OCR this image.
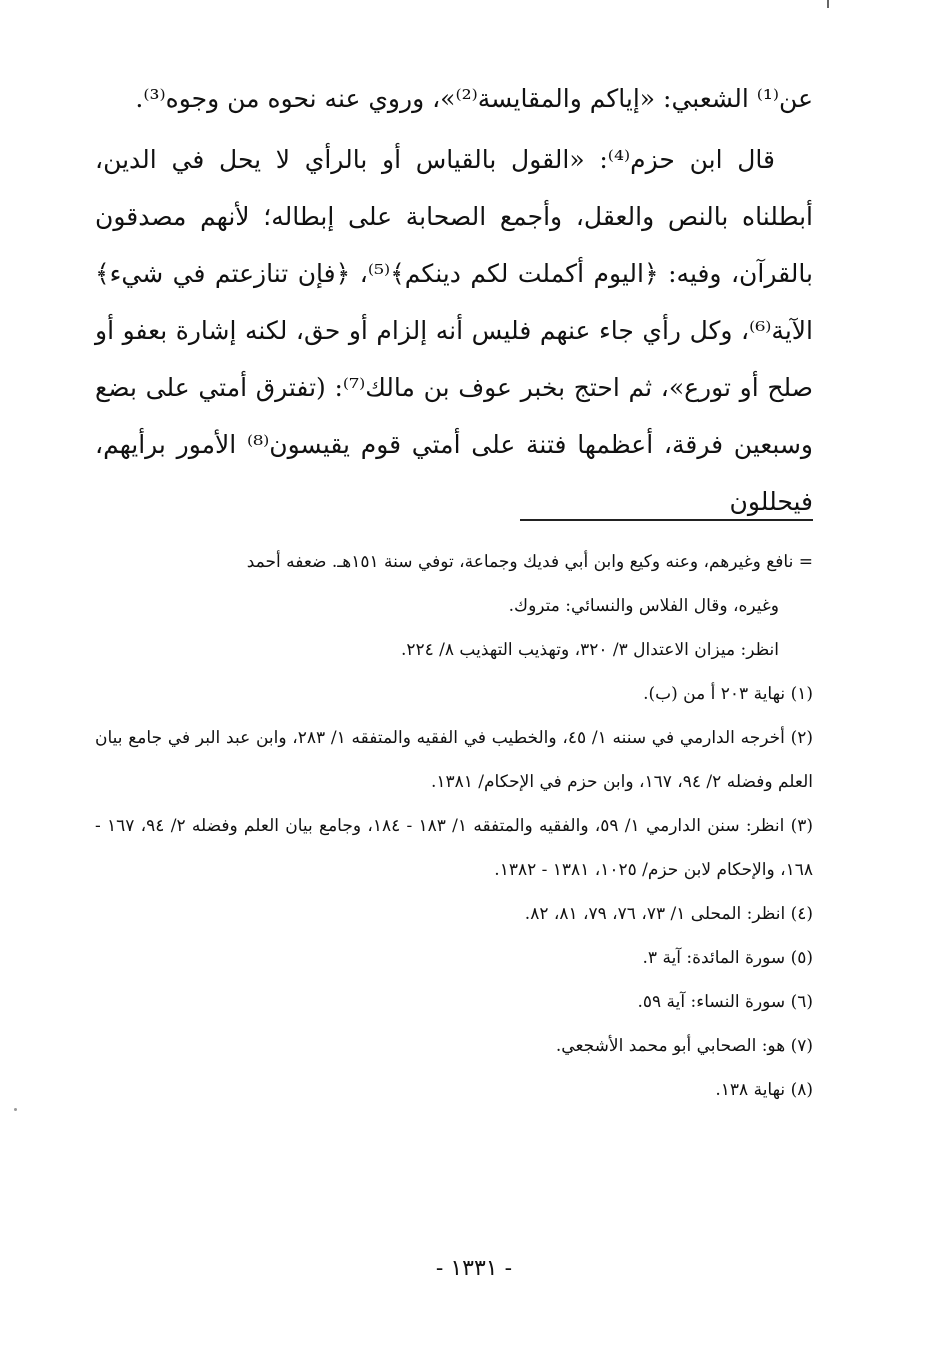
عن⁽¹⁾ الشعبي: «إياكم والمقايسة⁽²⁾»، وروي عنه نحوه من وجوه⁽³⁾.

قال ابن حزم⁽⁴⁾: «القول بالقياس أو بالرأي لا يحل في الدين، أبطلناه بالنص والعقل، وأجمع الصحابة على إبطاله؛ لأنهم مصدقون بالقرآن، وفيه: ﴿اليوم أكملت لكم دينكم﴾⁽⁵⁾، ﴿فإن تنازعتم في شيء﴾ الآية⁽⁶⁾، وكل رأي جاء عنهم فليس أنه إلزام أو حق، لكنه إشارة بعفو أو صلح أو تورع»، ثم احتج بخبر عوف بن مالك⁽⁷⁾: (تفترق أمتي على بضع وسبعين فرقة، أعظمها فتنة على أمتي قوم يقيسون⁽⁸⁾ الأمور برأيهم، فيحللون

= نافع وغيرهم، وعنه وكيع وابن أبي فديك وجماعة، توفي سنة ١٥١هـ. ضعفه أحمد

وغيره، وقال الفلاس والنسائي: متروك.

انظر: ميزان الاعتدال ٣/ ٣٢٠، وتهذيب التهذيب ٨/ ٢٢٤.

(١) نهاية ٢٠٣ أ من (ب).

(٢) أخرجه الدارمي في سننه ١/ ٤٥، والخطيب في الفقيه والمتفقه ١/ ٢٨٣، وابن عبد البر في جامع بيان العلم وفضله ٢/ ٩٤، ١٦٧، وابن حزم في الإحكام/ ١٣٨١.

(٣) انظر: سنن الدارمي ١/ ٥٩، والفقيه والمتفقه ١/ ١٨٣ - ١٨٤، وجامع بيان العلم وفضله ٢/ ٩٤، ١٦٧ - ١٦٨، والإحكام لابن حزم/ ١٠٢٥، ١٣٨١ - ١٣٨٢.

(٤) انظر: المحلى ١/ ٧٣، ٧٦، ٧٩، ٨١، ٨٢.

(٥) سورة المائدة: آية ٣.

(٦) سورة النساء: آية ٥٩.

(٧) هو: الصحابي أبو محمد الأشجعي.

(٨) نهاية ١٣٨.

- ١٣٣١ -
